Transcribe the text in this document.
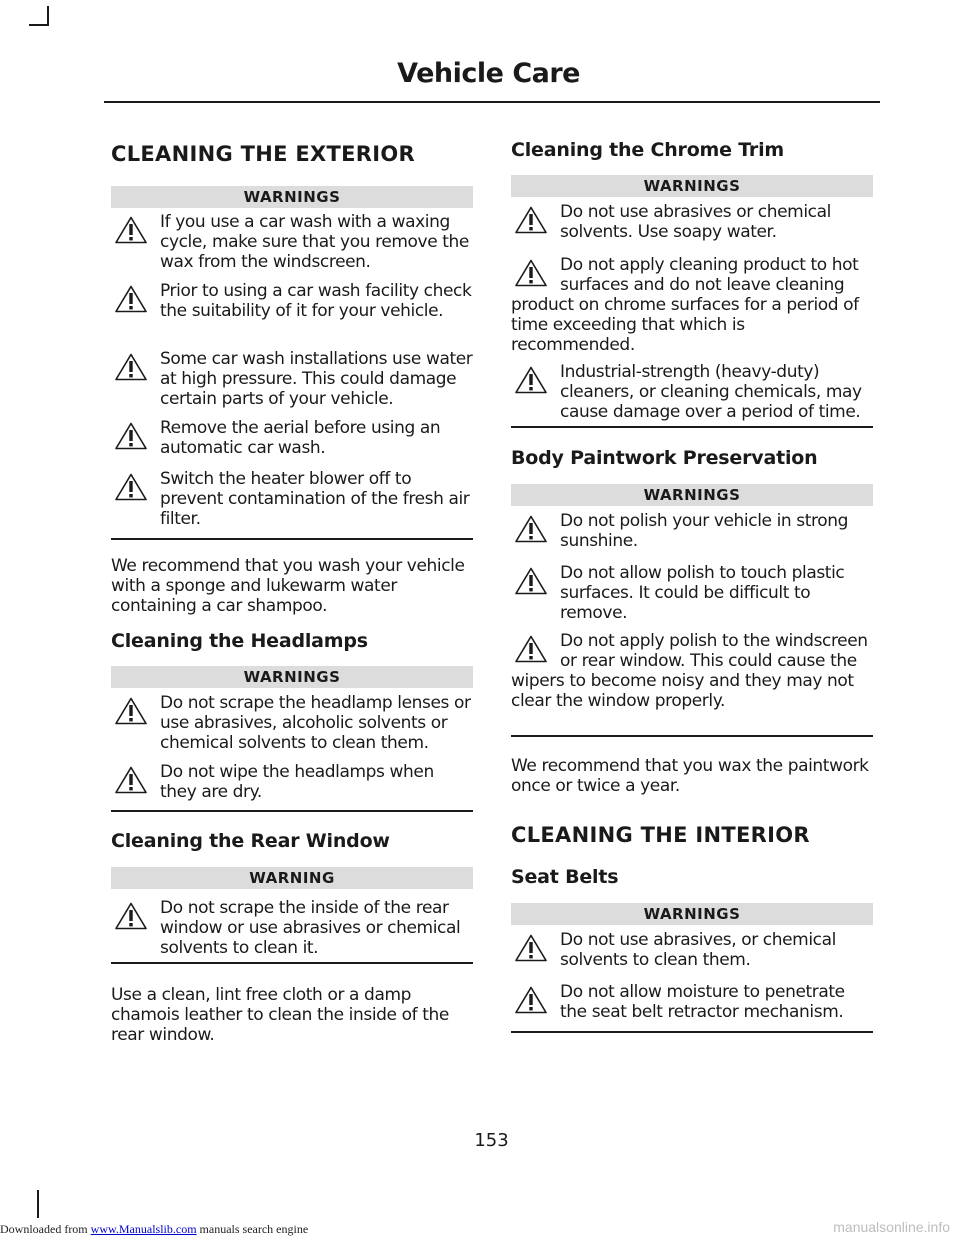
Vehicle Care
CLEANING THE EXTERIOR
WARNINGS
If you use a car wash with a waxing cycle, make sure that you remove the wax from the windscreen.
Prior to using a car wash facility check the suitability of it for your vehicle.
Some car wash installations use water at high pressure. This could damage certain parts of your vehicle.
Remove the aerial before using an automatic car wash.
Switch the heater blower off to prevent contamination of the fresh air filter.
We recommend that you wash your vehicle with a sponge and lukewarm water containing a car shampoo.
Cleaning the Headlamps
WARNINGS
Do not scrape the headlamp lenses or use abrasives, alcoholic solvents or chemical solvents to clean them.
Do not wipe the headlamps when they are dry.
Cleaning the Rear Window
WARNING
Do not scrape the inside of the rear window or use abrasives or chemical solvents to clean it.
Use a clean, lint free cloth or a damp chamois leather to clean the inside of the rear window.
Cleaning the Chrome Trim
WARNINGS
Do not use abrasives or chemical solvents. Use soapy water.
Do not apply cleaning product to hot surfaces and do not leave cleaning product on chrome surfaces for a period of time exceeding that which is recommended.
Industrial-strength (heavy-duty) cleaners, or cleaning chemicals, may cause damage over a period of time.
Body Paintwork Preservation
WARNINGS
Do not polish your vehicle in strong sunshine.
Do not allow polish to touch plastic surfaces. It could be difficult to remove.
Do not apply polish to the windscreen or rear window. This could cause the wipers to become noisy and they may not clear the window properly.
We recommend that you wax the paintwork once or twice a year.
CLEANING THE INTERIOR
Seat Belts
WARNINGS
Do not use abrasives, or chemical solvents to clean them.
Do not allow moisture to penetrate the seat belt retractor mechanism.
153
Downloaded from www.Manualslib.com manuals search engine	manualsonline.info
